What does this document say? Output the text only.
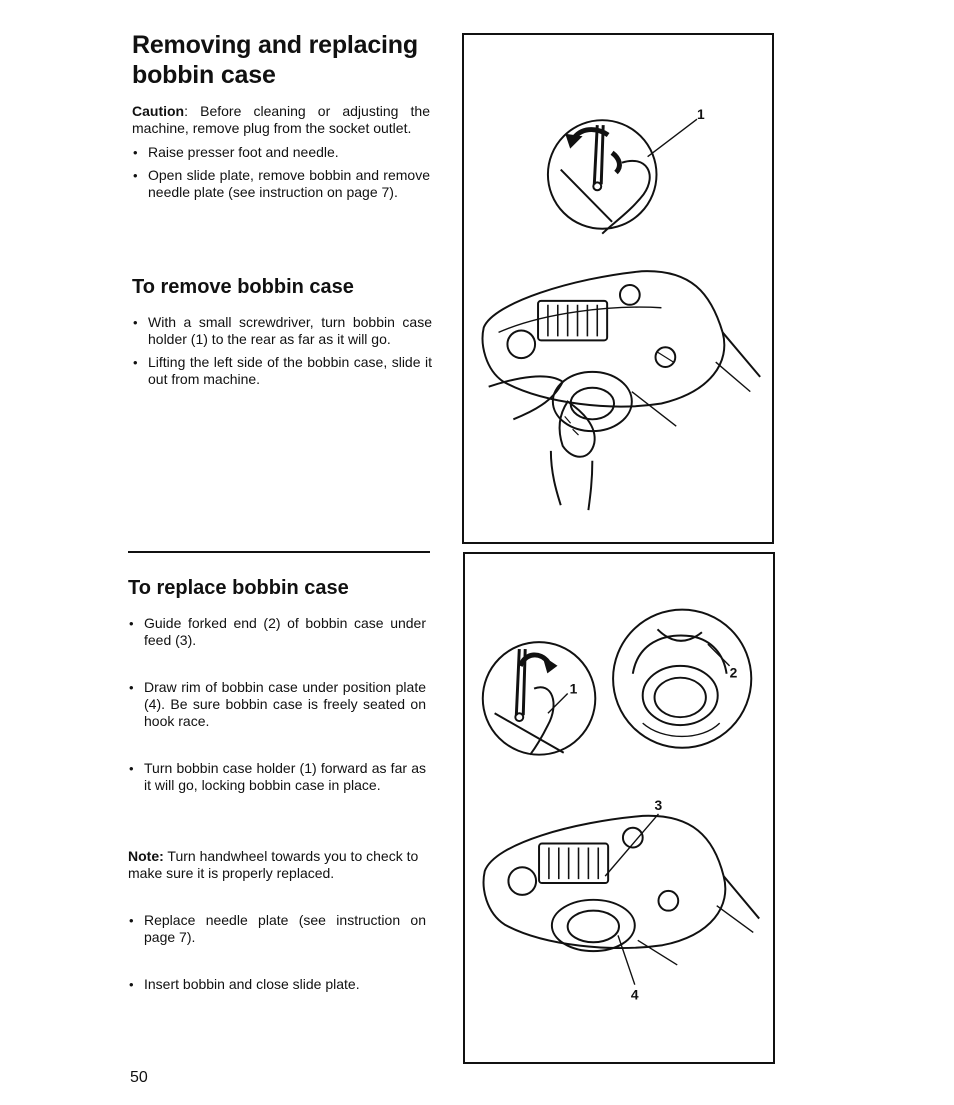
Removing and replacing bobbin case
Caution: Before cleaning or adjusting the machine, remove plug from the socket outlet.
• Raise presser foot and needle.
• Open slide plate, remove bobbin and remove needle plate (see instruction on page 7).
To remove bobbin case
• With a small screwdriver, turn bobbin case holder (1) to the rear as far as it will go.
• Lifting the left side of the bobbin case, slide it out from machine.
To replace bobbin case
• Guide forked end (2) of bobbin case under feed (3).
• Draw rim of bobbin case under position plate (4). Be sure bobbin case is freely seated on hook race.
• Turn bobbin case holder (1) forward as far as it will go, locking bobbin case in place.
Note: Turn handwheel towards you to check to make sure it is properly replaced.
• Replace needle plate (see instruction on page 7).
• Insert bobbin and close slide plate.
50
1
1
2
3
4
